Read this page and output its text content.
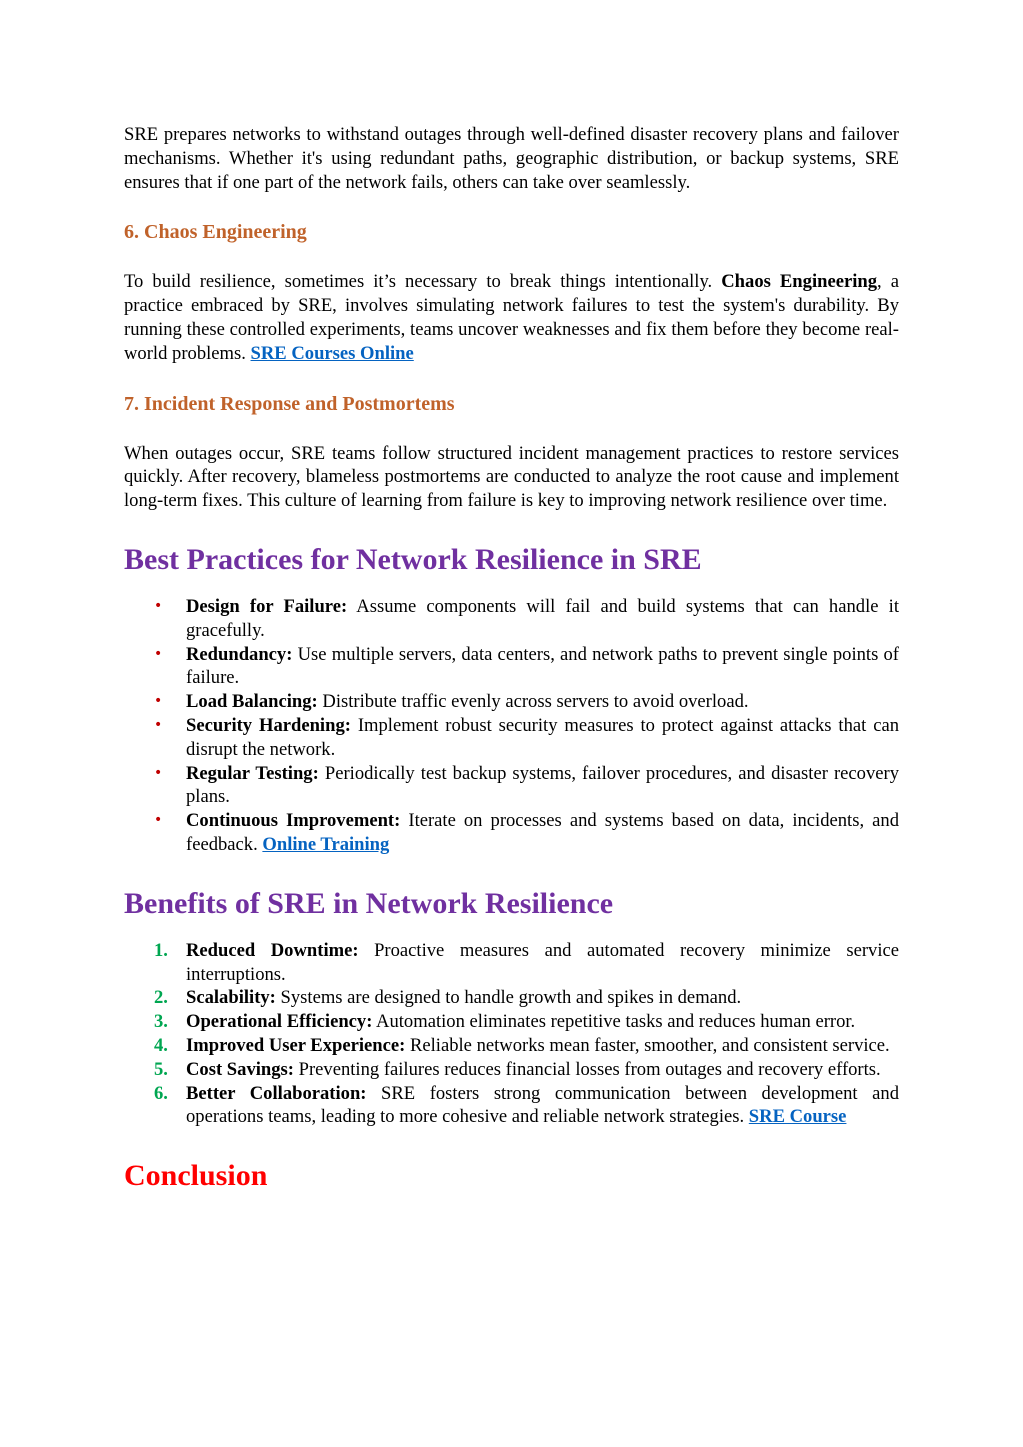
SRE prepares networks to withstand outages through well-defined disaster recovery plans and failover mechanisms. Whether it's using redundant paths, geographic distribution, or backup systems, SRE ensures that if one part of the network fails, others can take over seamlessly.

6. Chaos Engineering

To build resilience, sometimes it’s necessary to break things intentionally. Chaos Engineering, a practice embraced by SRE, involves simulating network failures to test the system's durability. By running these controlled experiments, teams uncover weaknesses and fix them before they become real-world problems. SRE Courses Online

7. Incident Response and Postmortems

When outages occur, SRE teams follow structured incident management practices to restore services quickly. After recovery, blameless postmortems are conducted to analyze the root cause and implement long-term fixes. This culture of learning from failure is key to improving network resilience over time.

Best Practices for Network Resilience in SRE
• Design for Failure: Assume components will fail and build systems that can handle it gracefully.
• Redundancy: Use multiple servers, data centers, and network paths to prevent single points of failure.
• Load Balancing: Distribute traffic evenly across servers to avoid overload.
• Security Hardening: Implement robust security measures to protect against attacks that can disrupt the network.
• Regular Testing: Periodically test backup systems, failover procedures, and disaster recovery plans.
• Continuous Improvement: Iterate on processes and systems based on data, incidents, and feedback. Online Training
Benefits of SRE in Network Resilience
1. Reduced Downtime: Proactive measures and automated recovery minimize service interruptions.
2. Scalability: Systems are designed to handle growth and spikes in demand.
3. Operational Efficiency: Automation eliminates repetitive tasks and reduces human error.
4. Improved User Experience: Reliable networks mean faster, smoother, and consistent service.
5. Cost Savings: Preventing failures reduces financial losses from outages and recovery efforts.
6. Better Collaboration: SRE fosters strong communication between development and operations teams, leading to more cohesive and reliable network strategies. SRE Course
Conclusion
